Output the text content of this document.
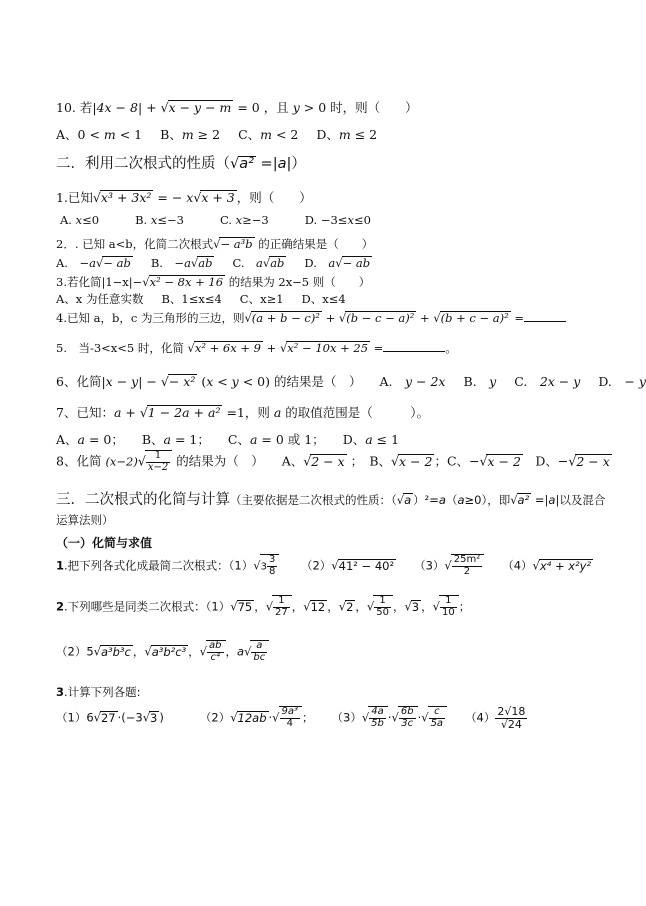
10. 若|4x − 8| + √x − y − m = 0 ，且 y > 0 时，则（　　）
A、0 < m < 1 B、m ≥ 2 C、m < 2 D、m ≤ 2
二．利用二次根式的性质（√a² =|a|）
1.已知√x³ + 3x² = − x√x + 3 ，则（　　）
A. x≤0	B. x≤−3	C. x≥−3	D. −3≤x≤0
2．. 已知 a<b，化简二次根式√− a³b 的正确结果是（　　）
A.　−a√− ab B.　−a√ab C.　a√ab D.　a√− ab
3.若化简|1−x|−√x² − 8x + 16 的结果为 2x−5 则（　　）
A、x 为任意实数 B、1≤x≤4 C、x≥1 D、x≤4
4.已知 a，b，c 为三角形的三边，则√(a + b − c)² + √(b − c − a)² + √(b + c − a)² =
5.　当-3<x<5 时，化简 √x² + 6x + 9 + √x² − 10x + 25 =	。
6、化简|x − y| − √− x² (x < y < 0) 的结果是（　） A.　y − 2x B.　y C.　2x − y D.　− y
7、已知：a + √1 − 2a + a² =1，则 a 的取值范围是（　　　）。
A、a = 0； B、a = 1； C、a = 0 或 1； D、a ≤ 1
8、化简 $(x-2)√ \frac{1}{x-2}$ 的结果为（　） A、√2 − x ；　B、√x − 2 ；C、−√x − 2　D、−√2 − x
三．二次根式的化简与计算（主要依据是二次根式的性质：（√a ）²=a（a≥0），即√a² =|a|以及混合
运算法则）
（一）化简与求值
1.把下列各式化成最简二次根式：$(1)√3 \frac{3}{8} (2)√41^2 - 40^2$ $(3)√ \frac{\text{25m²}}{2} (4)√x^4 + x^2y^2$
2.下列哪些是同类二次根式：（1）√75 ，√ $\frac{1}{27}$ ，√12 ，√2 ，√ $\frac{1}{50}$ ，√3 ，√ $\frac{1}{10}$ ；
（2）5√a³b³c ，√a³b²c³ ，√ $\frac{ab}{\text{c⁴}}$ ，$a√ \frac{a}{bc}$
3.计算下列各题:
（1）6√27 ·(−3√3 )	（2）√12ab ·√ $\frac{\text{9a³}}{4}$ ； $(3)√ \frac{4a}{5b}$ ·√ $\frac{6b}{3c}$ ·√ $\frac{c}{5a} (4) \frac{2√18}{√24}$
